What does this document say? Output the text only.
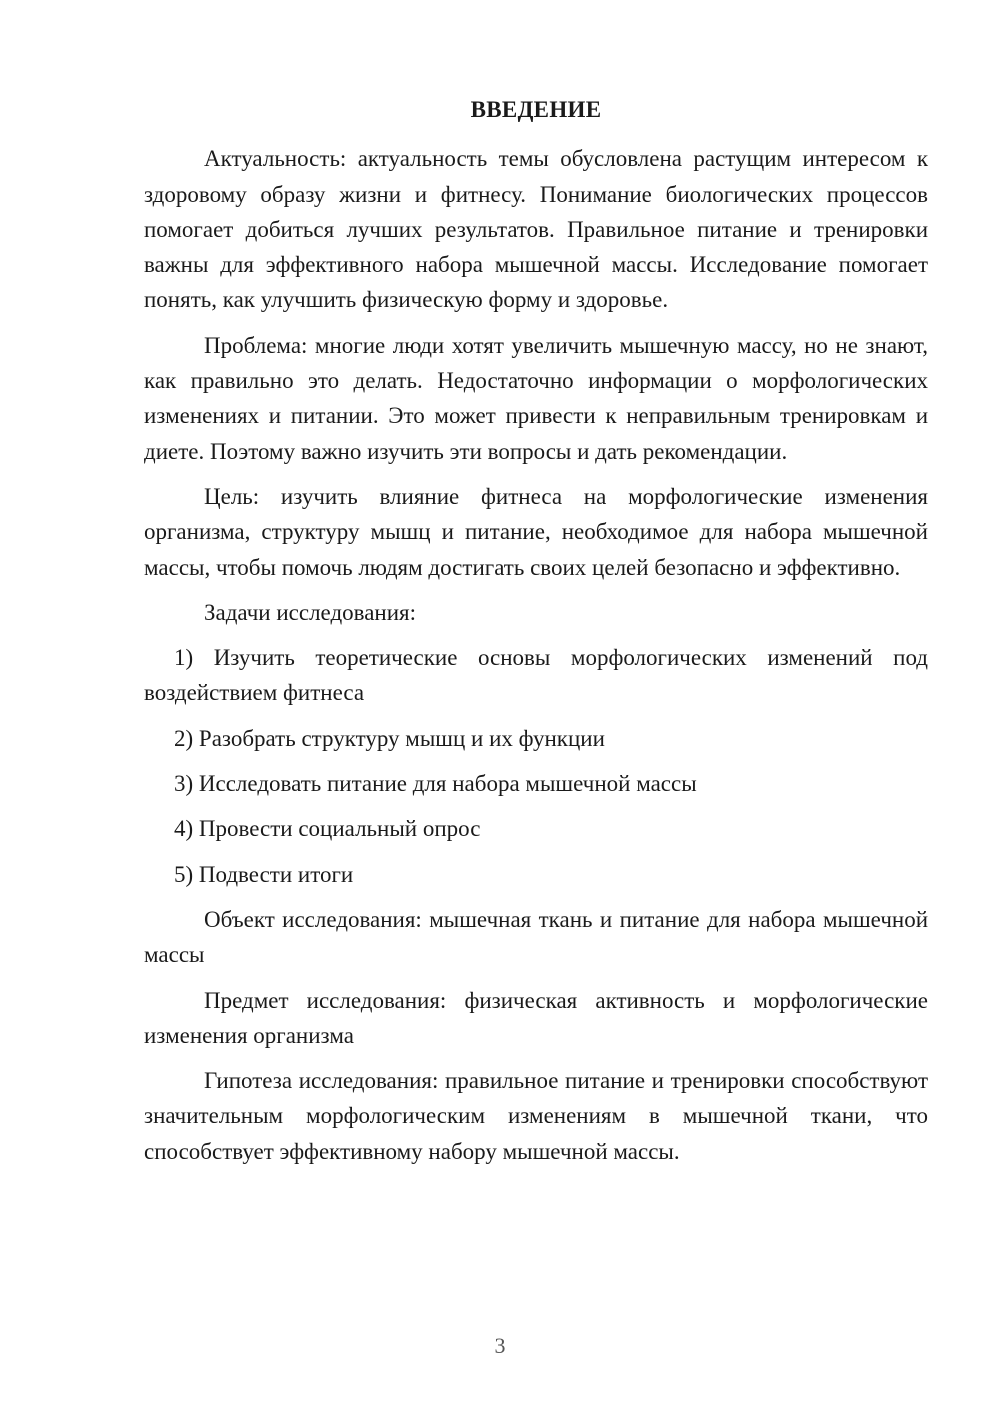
ВВЕДЕНИЕ

Актуальность: актуальность темы обусловлена растущим интересом к здоровому образу жизни и фитнесу. Понимание биологических процессов помогает добиться лучших результатов. Правильное питание и тренировки важны для эффективного набора мышечной массы. Исследование помогает понять, как улучшить физическую форму и здоровье.

Проблема: многие люди хотят увеличить мышечную массу, но не знают, как правильно это делать. Недостаточно информации о морфологических изменениях и питании. Это может привести к неправильным тренировкам и диете. Поэтому важно изучить эти вопросы и дать рекомендации.

Цель: изучить влияние фитнеса на морфологические изменения организма, структуру мышц и питание, необходимое для набора мышечной массы, чтобы помочь людям достигать своих целей безопасно и эффективно.

Задачи исследования:

1) Изучить теоретические основы морфологических изменений под воздействием фитнеса

2) Разобрать структуру мышц и их функции

3) Исследовать питание для набора мышечной массы

4) Провести социальный опрос

5) Подвести итоги

Объект исследования: мышечная ткань и питание для набора мышечной массы

Предмет исследования: физическая активность и морфологические изменения организма

Гипотеза исследования: правильное питание и тренировки способствуют значительным морфологическим изменениям в мышечной ткани, что способствует эффективному набору мышечной массы.

3
